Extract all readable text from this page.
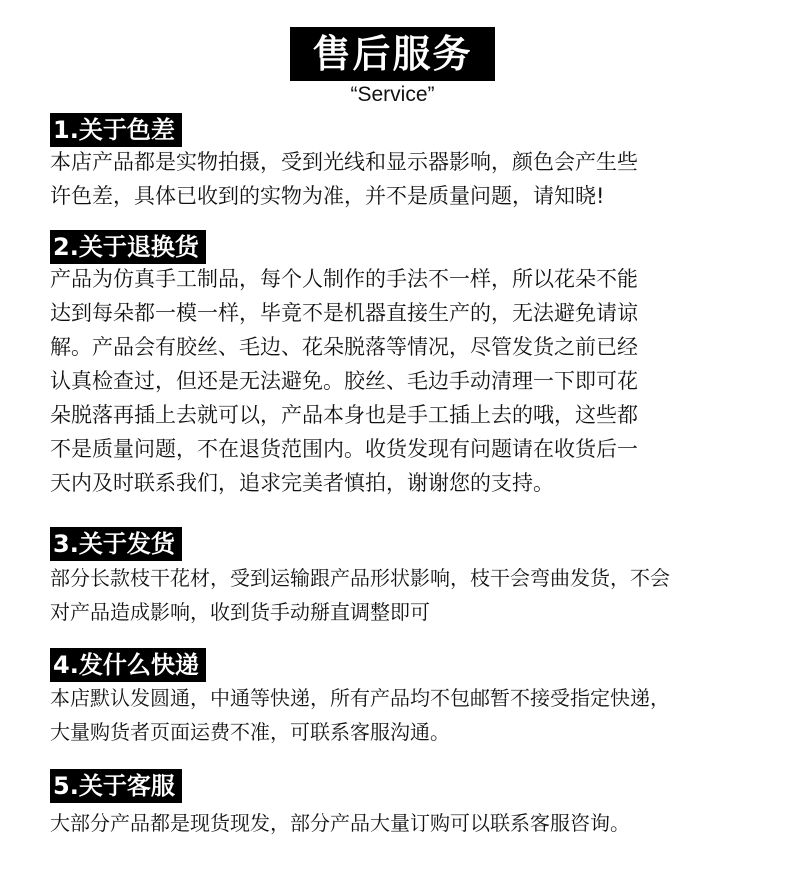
售后服务
“Service”
1.关于色差
本店产品都是实物拍摄，受到光线和显示器影响，颜色会产生些
许色差，具体已收到的实物为准，并不是质量问题，请知晓!
2.关于退换货
产品为仿真手工制品，每个人制作的手法不一样，所以花朵不能
达到每朵都一模一样，毕竟不是机器直接生产的，无法避免请谅
解。产品会有胶丝、毛边、花朵脱落等情况，尽管发货之前已经
认真检查过，但还是无法避免。胶丝、毛边手动清理一下即可花
朵脱落再插上去就可以，产品本身也是手工插上去的哦，这些都
不是质量问题，不在退货范围内。收货发现有问题请在收货后一
天内及时联系我们，追求完美者慎拍，谢谢您的支持。
3.关于发货
部分长款枝干花材，受到运输跟产品形状影响，枝干会弯曲发货，不会
对产品造成影响，收到货手动掰直调整即可
4.发什么快递
本店默认发圆通，中通等快递，所有产品均不包邮暂不接受指定快递，
大量购货者页面运费不准，可联系客服沟通。
5.关于客服
大部分产品都是现货现发，部分产品大量订购可以联系客服咨询。
